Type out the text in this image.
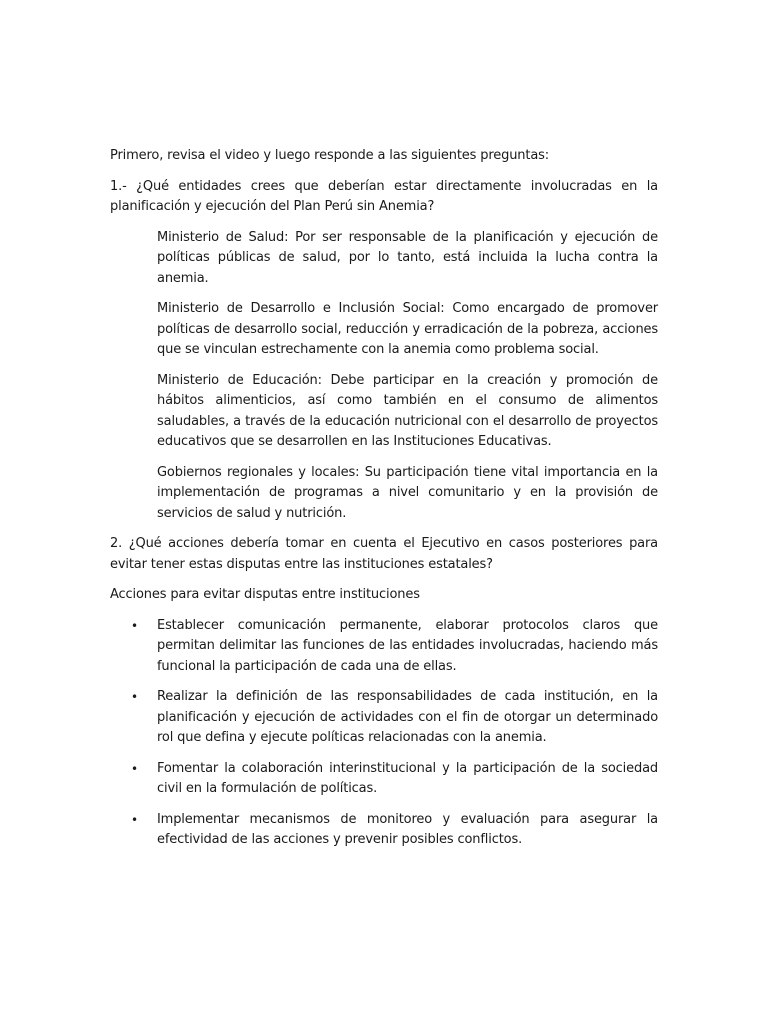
Primero, revisa el video y luego responde a las siguientes preguntas:

1.- ¿Qué entidades crees que deberían estar directamente involucradas en la planificación y ejecución del Plan Perú sin Anemia?

Ministerio de Salud: Por ser responsable de la planificación y ejecución de políticas públicas de salud, por lo tanto, está incluida la lucha contra la anemia.

Ministerio de Desarrollo e Inclusión Social: Como encargado de promover políticas de desarrollo social, reducción y erradicación de la pobreza, acciones que se vinculan estrechamente con la anemia como problema social.

Ministerio de Educación: Debe participar en la creación y promoción de hábitos alimenticios, así como también en el consumo de alimentos saludables, a través de la educación nutricional con el desarrollo de proyectos educativos que se desarrollen en las Instituciones Educativas.

Gobiernos regionales y locales: Su participación tiene vital importancia en la implementación de programas a nivel comunitario y en la provisión de servicios de salud y nutrición.

2. ¿Qué acciones debería tomar en cuenta el Ejecutivo en casos posteriores para evitar tener estas disputas entre las instituciones estatales?

Acciones para evitar disputas entre instituciones

• Establecer comunicación permanente, elaborar protocolos claros que permitan delimitar las funciones de las entidades involucradas, haciendo más funcional la participación de cada una de ellas.
• Realizar la definición de las responsabilidades de cada institución, en la planificación y ejecución de actividades con el fin de otorgar un determinado rol que defina y ejecute políticas relacionadas con la anemia.
• Fomentar la colaboración interinstitucional y la participación de la sociedad civil en la formulación de políticas.
• Implementar mecanismos de monitoreo y evaluación para asegurar la efectividad de las acciones y prevenir posibles conflictos.
